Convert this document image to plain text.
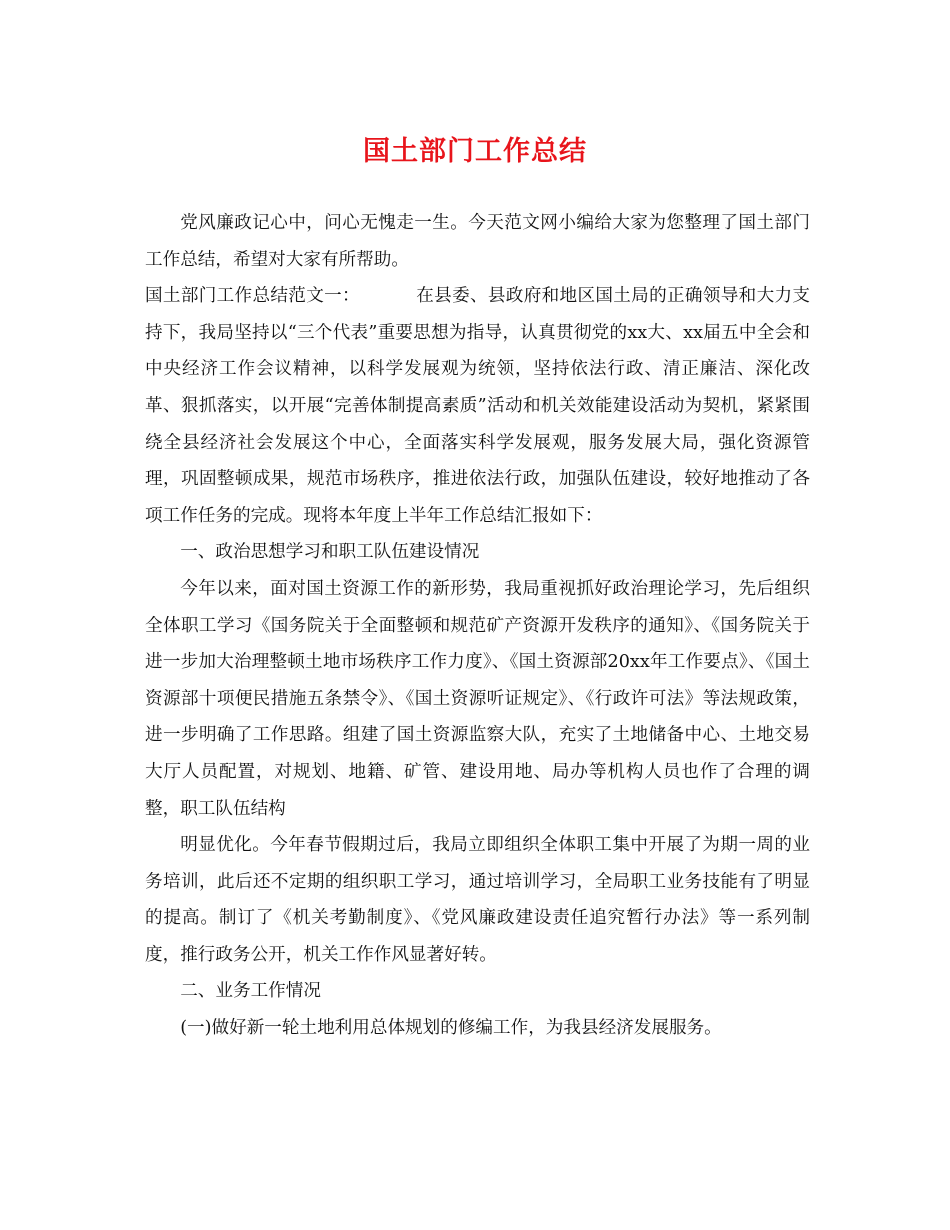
国土部门工作总结

党风廉政记心中，问心无愧走一生。今天范文网小编给大家为您整理了国土部门工作总结，希望对大家有所帮助。

国土部门工作总结范文一：	在县委、县政府和地区国土局的正确领导和大力支持下，我局坚持以“三个代表”重要思想为指导，认真贯彻党的xx大、xx届五中全会和中央经济工作会议精神，以科学发展观为统领，坚持依法行政、清正廉洁、深化改革、狠抓落实，以开展“完善体制提高素质”活动和机关效能建设活动为契机，紧紧围绕全县经济社会发展这个中心，全面落实科学发展观，服务发展大局，强化资源管理，巩固整顿成果，规范市场秩序，推进依法行政，加强队伍建设，较好地推动了各项工作任务的完成。现将本年度上半年工作总结汇报如下：

一、政治思想学习和职工队伍建设情况

今年以来，面对国土资源工作的新形势，我局重视抓好政治理论学习，先后组织全体职工学习《国务院关于全面整顿和规范矿产资源开发秩序的通知》、《国务院关于进一步加大治理整顿土地市场秩序工作力度》、《国土资源部20xx年工作要点》、《国土资源部十项便民措施五条禁令》、《国土资源听证规定》、《行政许可法》等法规政策，进一步明确了工作思路。组建了国土资源监察大队，充实了土地储备中心、土地交易大厅人员配置，对规划、地籍、矿管、建设用地、局办等机构人员也作了合理的调整，职工队伍结构

明显优化。今年春节假期过后，我局立即组织全体职工集中开展了为期一周的业务培训，此后还不定期的组织职工学习，通过培训学习，全局职工业务技能有了明显的提高。制订了《机关考勤制度》、《党风廉政建设责任追究暂行办法》等一系列制度，推行政务公开，机关工作作风显著好转。

二、业务工作情况

(一)做好新一轮土地利用总体规划的修编工作，为我县经济发展服务。
